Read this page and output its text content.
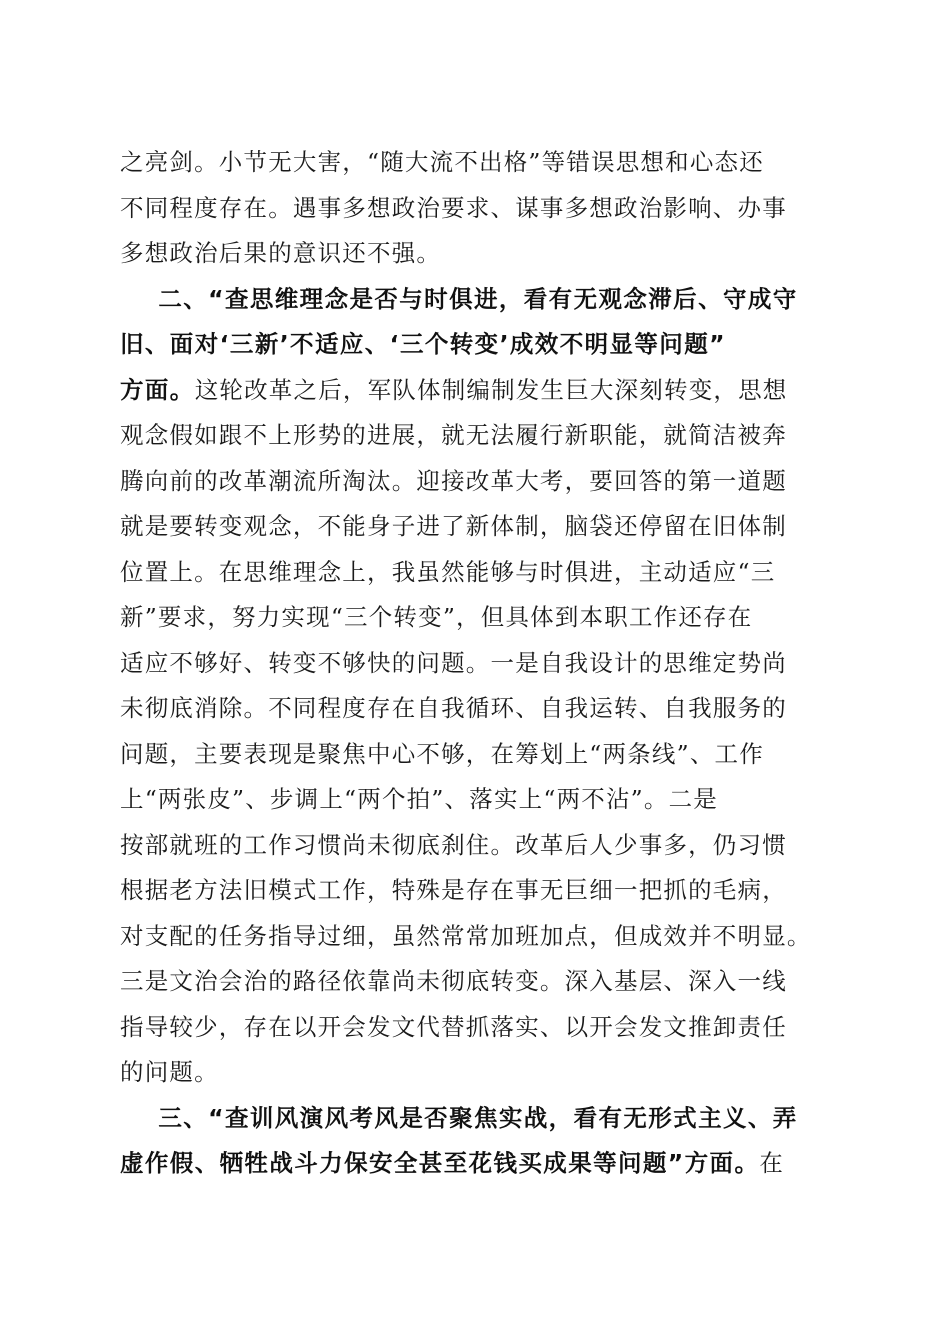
之亮剑。小节无大害，“随大流不出格”等错误思想和心态还
不同程度存在。遇事多想政治要求、谋事多想政治影响、办事
多想政治后果的意识还不强。
二、“查思维理念是否与时俱进，看有无观念滞后、守成守
旧、面对‘三新’不适应、‘三个转变’成效不明显等问题”
方面。这轮改革之后，军队体制编制发生巨大深刻转变，思想
观念假如跟不上形势的进展，就无法履行新职能，就简洁被奔
腾向前的改革潮流所淘汰。迎接改革大考，要回答的第一道题
就是要转变观念，不能身子进了新体制，脑袋还停留在旧体制
位置上。在思维理念上，我虽然能够与时俱进，主动适应“三
新”要求，努力实现“三个转变”，但具体到本职工作还存在
适应不够好、转变不够快的问题。一是自我设计的思维定势尚
未彻底消除。不同程度存在自我循环、自我运转、自我服务的
问题，主要表现是聚焦中心不够，在筹划上“两条线”、工作
上“两张皮”、步调上“两个拍”、落实上“两不沾”。二是
按部就班的工作习惯尚未彻底刹住。改革后人少事多，仍习惯
根据老方法旧模式工作，特殊是存在事无巨细一把抓的毛病，
对支配的任务指导过细，虽然常常加班加点，但成效并不明显。
三是文治会治的路径依靠尚未彻底转变。深入基层、深入一线
指导较少，存在以开会发文代替抓落实、以开会发文推卸责任
的问题。
三、“查训风演风考风是否聚焦实战，看有无形式主义、弄
虚作假、牺牲战斗力保安全甚至花钱买成果等问题”方面。在
